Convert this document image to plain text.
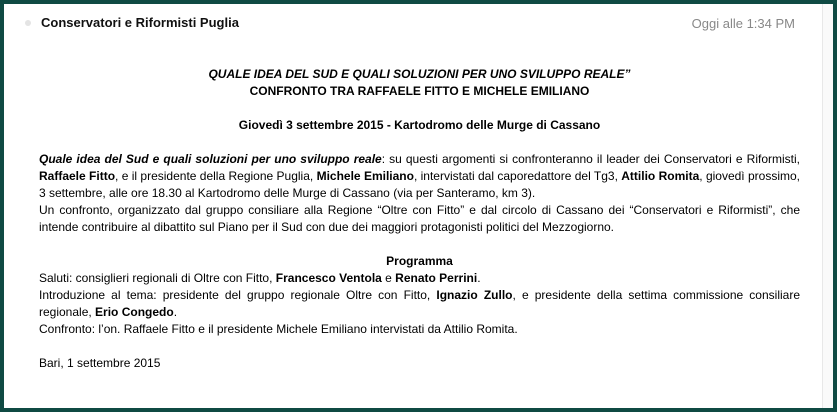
Conservatori e Riformisti Puglia	Oggi alle 1:34 PM

QUALE IDEA DEL SUD E QUALI SOLUZIONI PER UNO SVILUPPO REALE”

CONFRONTO TRA RAFFAELE FITTO E MICHELE EMILIANO

Giovedì 3 settembre 2015 - Kartodromo delle Murge di Cassano

Quale idea del Sud e quali soluzioni per uno sviluppo reale: su questi argomenti si confronteranno il leader dei Conservatori e Riformisti, Raffaele Fitto, e il presidente della Regione Puglia, Michele Emiliano, intervistati dal caporedattore del Tg3, Attilio Romita, giovedì prossimo, 3 settembre, alle ore 18.30 al Kartodromo delle Murge di Cassano (via per Santeramo, km 3).

Un confronto, organizzato dal gruppo consiliare alla Regione “Oltre con Fitto” e dal circolo di Cassano dei “Conservatori e Riformisti”, che intende contribuire al dibattito sul Piano per il Sud con due dei maggiori protagonisti politici del Mezzogiorno.

Programma

Saluti: consiglieri regionali di Oltre con Fitto, Francesco Ventola e Renato Perrini.

Introduzione al tema: presidente del gruppo regionale Oltre con Fitto, Ignazio Zullo, e presidente della settima commissione consiliare regionale, Erio Congedo.

Confronto: l’on. Raffaele Fitto e il presidente Michele Emiliano intervistati da Attilio Romita.

Bari, 1 settembre 2015
